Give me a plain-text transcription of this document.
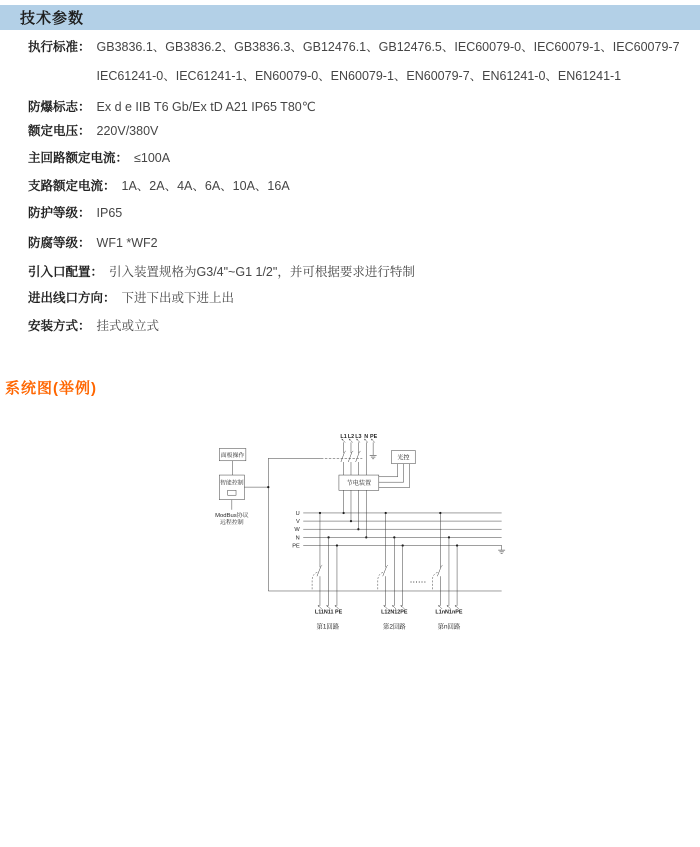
技术参数
执行标准： GB3836.1、GB3836.2、GB3836.3、GB12476.1、GB12476.5、IEC60079-0、IEC60079-1、IEC60079-7
IEC61241-0、IEC61241-1、EN60079-0、EN60079-1、EN60079-7、EN61241-0、EN61241-1
防爆标志： Ex d e IIB T6 Gb/Ex tD A21 IP65 T80℃
额定电压： 220V/380V
主回路额定电流： ≤100A
支路额定电流： 1A、2A、4A、6A、10A、16A
防护等级： IP65
防腐等级： WF1 *WF2
引入口配置： 引入装置规格为G3/4"~G1 1/2"，并可根据要求进行特制
进出线口方向： 下进下出或下进上出
安装方式： 挂式或立式
系统图(举例)
L1 L2 L3 N PE
面板操作
智能控制
ModBus协议
远程控制
光控
节电装置
U
V
W
N
PE
L11N11 PE
第1回路
L12N12PE
第2回路
......
L1nN1nPE
第n回路
